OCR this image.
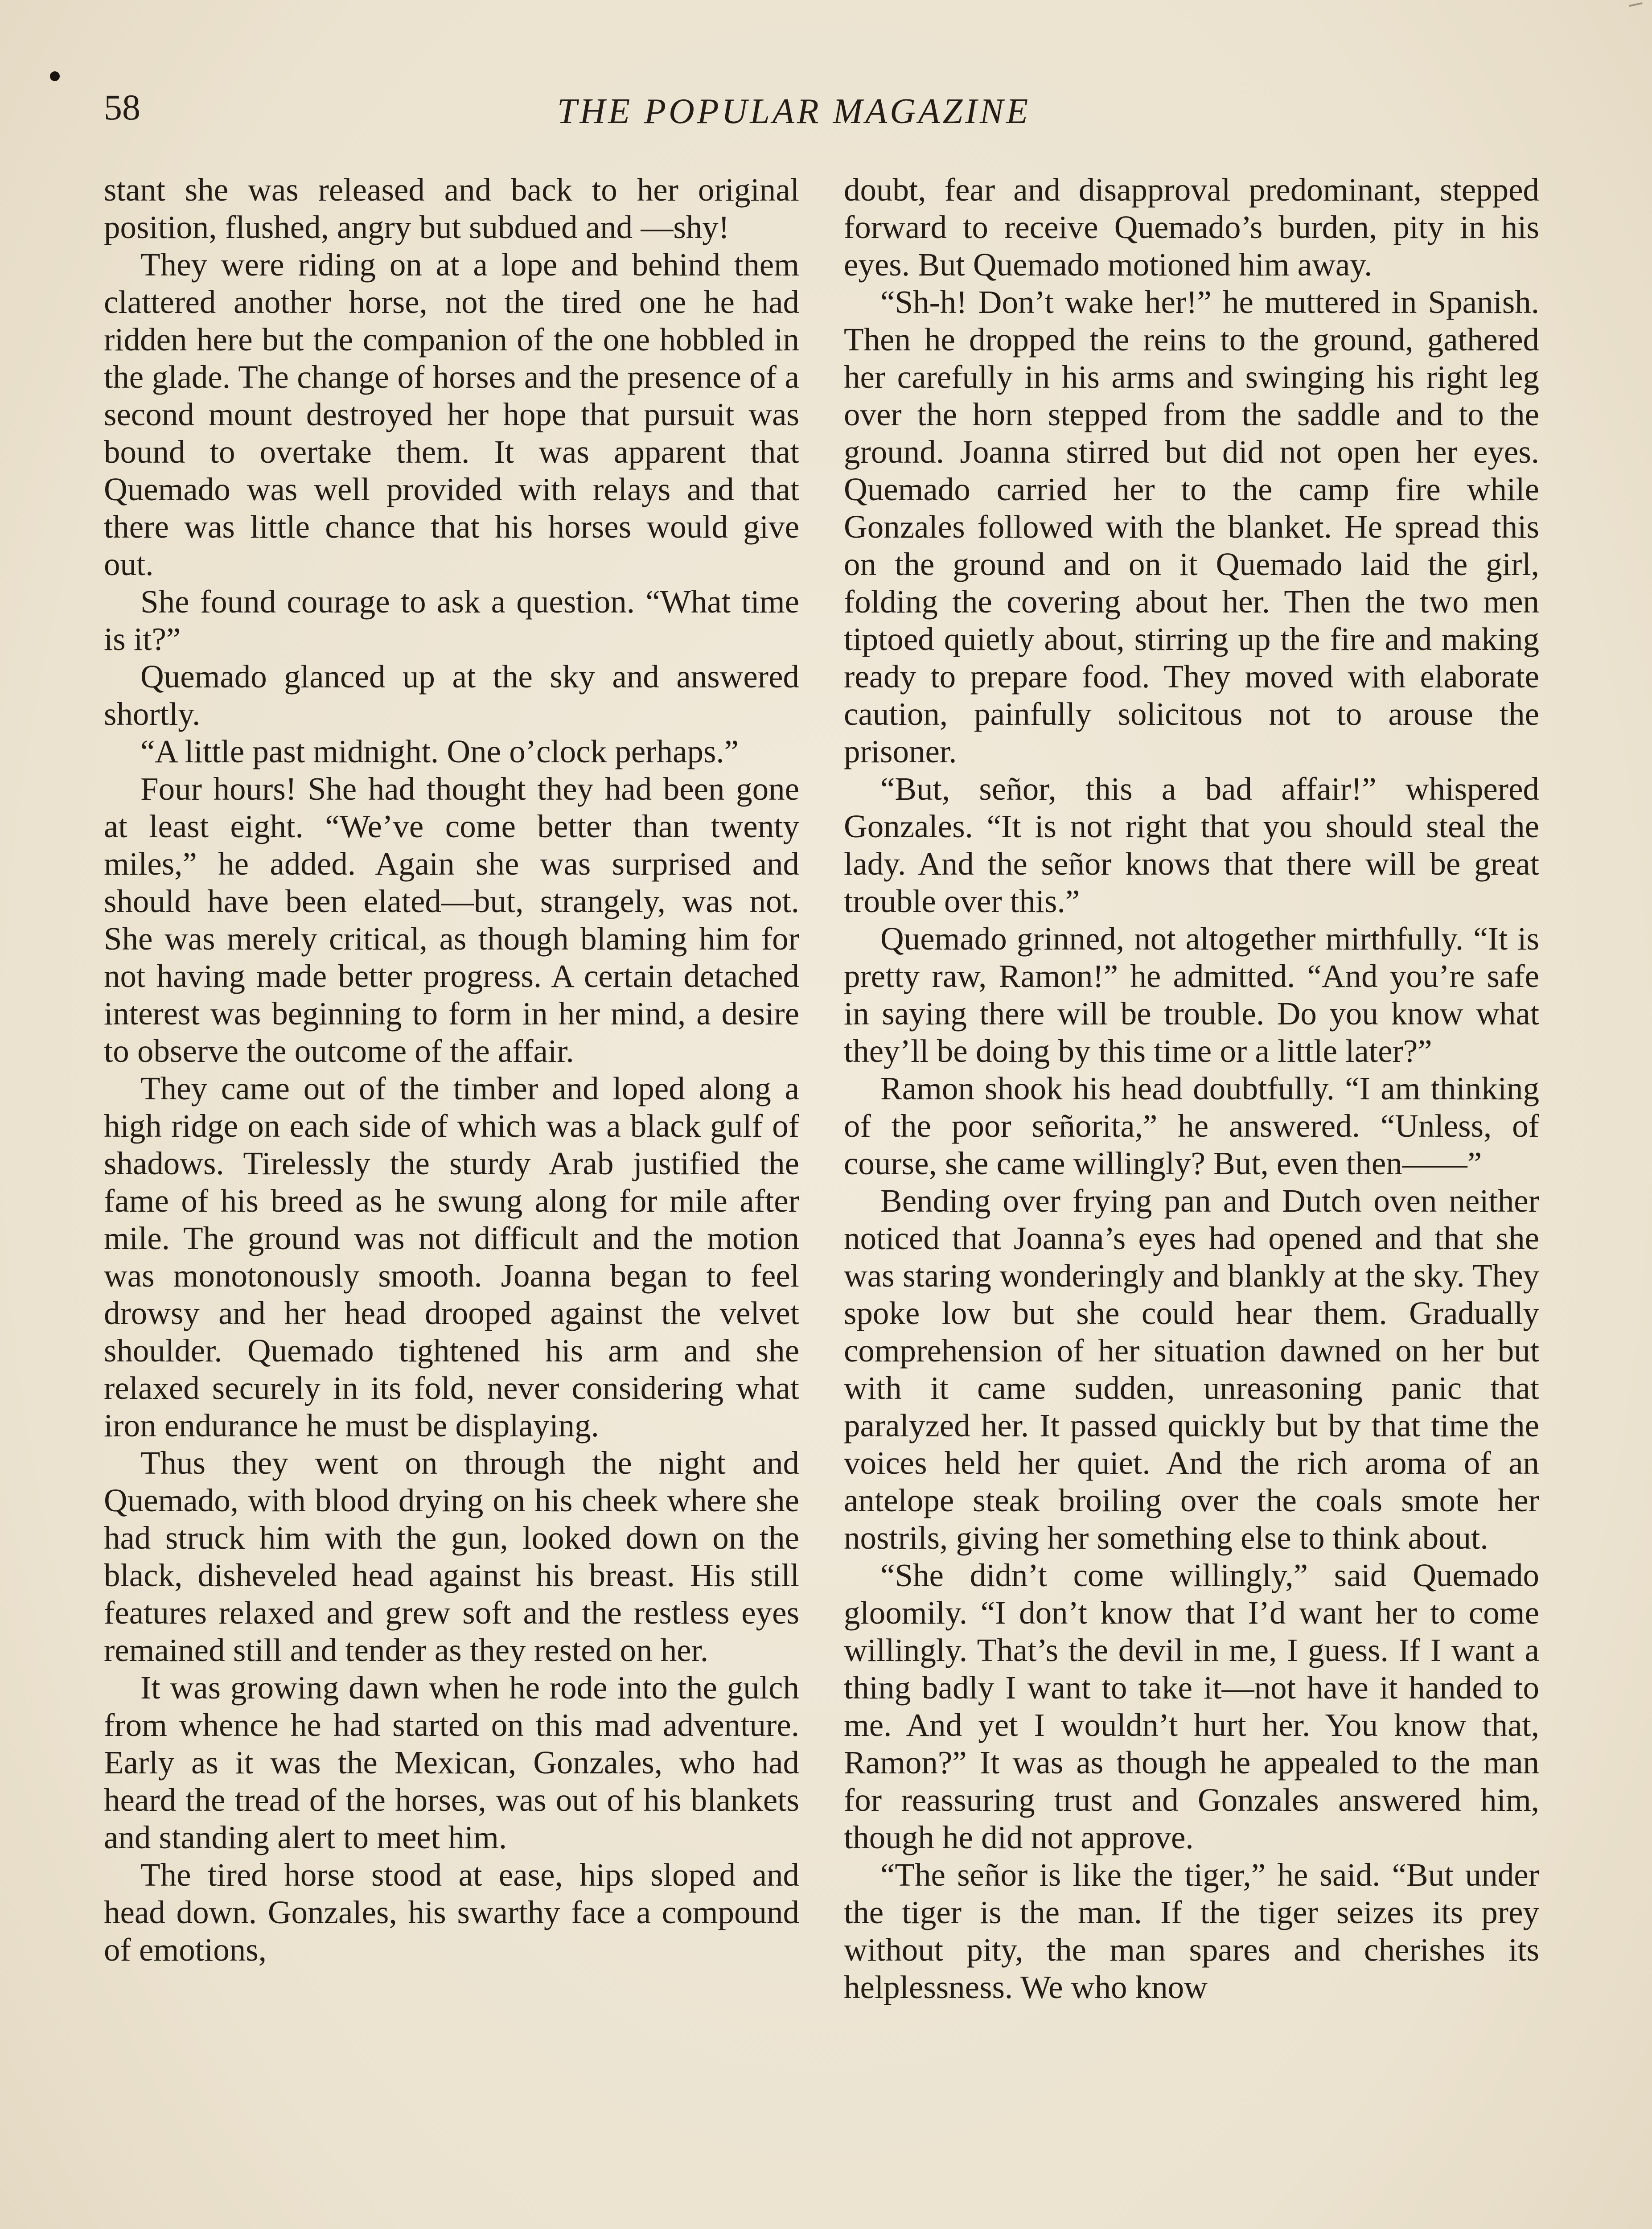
58	THE POPULAR MAGAZINE

stant she was released and back to her original position, flushed, angry but subdued and —shy!

They were riding on at a lope and behind them clattered another horse, not the tired one he had ridden here but the companion of the one hobbled in the glade. The change of horses and the presence of a second mount destroyed her hope that pursuit was bound to overtake them. It was apparent that Quemado was well provided with relays and that there was little chance that his horses would give out.

She found courage to ask a question. “What time is it?”

Quemado glanced up at the sky and answered shortly.

“A little past midnight. One o’clock perhaps.”

Four hours! She had thought they had been gone at least eight. “We’ve come better than twenty miles,” he added. Again she was surprised and should have been elated—but, strangely, was not. She was merely critical, as though blaming him for not having made better progress. A certain detached interest was beginning to form in her mind, a desire to observe the outcome of the affair.

They came out of the timber and loped along a high ridge on each side of which was a black gulf of shadows. Tirelessly the sturdy Arab justified the fame of his breed as he swung along for mile after mile. The ground was not difficult and the motion was monotonously smooth. Joanna began to feel drowsy and her head drooped against the velvet shoulder. Quemado tightened his arm and she relaxed securely in its fold, never considering what iron endurance he must be displaying.

Thus they went on through the night and Quemado, with blood drying on his cheek where she had struck him with the gun, looked down on the black, disheveled head against his breast. His still features relaxed and grew soft and the restless eyes remained still and tender as they rested on her.

It was growing dawn when he rode into the gulch from whence he had started on this mad adventure. Early as it was the Mexican, Gonzales, who had heard the tread of the horses, was out of his blankets and standing alert to meet him.

The tired horse stood at ease, hips sloped and head down. Gonzales, his swarthy face a compound of emotions,

doubt, fear and disapproval predominant, stepped forward to receive Quemado’s burden, pity in his eyes. But Quemado motioned him away.

“Sh-h! Don’t wake her!” he muttered in Spanish. Then he dropped the reins to the ground, gathered her carefully in his arms and swinging his right leg over the horn stepped from the saddle and to the ground. Joanna stirred but did not open her eyes. Quemado carried her to the camp fire while Gonzales followed with the blanket. He spread this on the ground and on it Quemado laid the girl, folding the covering about her. Then the two men tiptoed quietly about, stirring up the fire and making ready to prepare food. They moved with elaborate caution, painfully solicitous not to arouse the prisoner.

“But, señor, this a bad affair!” whispered Gonzales. “It is not right that you should steal the lady. And the señor knows that there will be great trouble over this.”

Quemado grinned, not altogether mirthfully. “It is pretty raw, Ramon!” he admitted. “And you’re safe in saying there will be trouble. Do you know what they’ll be doing by this time or a little later?”

Ramon shook his head doubtfully. “I am thinking of the poor señorita,” he answered. “Unless, of course, she came willingly? But, even then——”

Bending over frying pan and Dutch oven neither noticed that Joanna’s eyes had opened and that she was staring wonderingly and blankly at the sky. They spoke low but she could hear them. Gradually comprehension of her situation dawned on her but with it came sudden, unreasoning panic that paralyzed her. It passed quickly but by that time the voices held her quiet. And the rich aroma of an antelope steak broiling over the coals smote her nostrils, giving her something else to think about.

“She didn’t come willingly,” said Quemado gloomily. “I don’t know that I’d want her to come willingly. That’s the devil in me, I guess. If I want a thing badly I want to take it—not have it handed to me. And yet I wouldn’t hurt her. You know that, Ramon?” It was as though he appealed to the man for reassuring trust and Gonzales answered him, though he did not approve.

“The señor is like the tiger,” he said. “But under the tiger is the man. If the tiger seizes its prey without pity, the man spares and cherishes its helplessness. We who know
